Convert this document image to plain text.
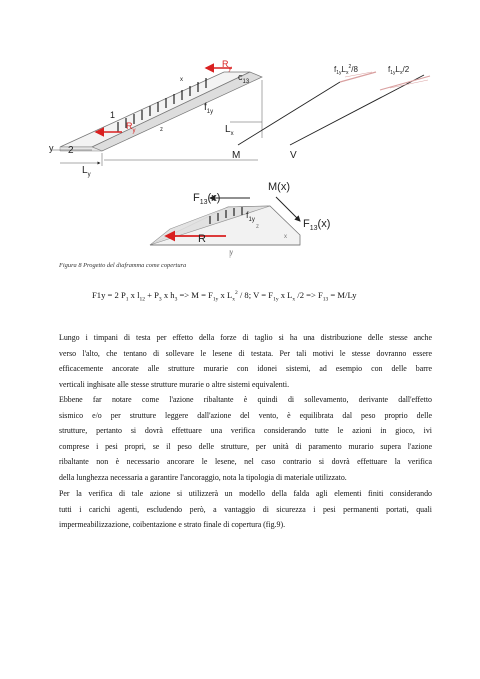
$R_y$
$c_{13}$
x
$f_{1y}$
1
$R_y$	z	$L_x$
y 2
$L_y$
$f_{1y}L_x^2/8$
M
$f_{1y}L_x/2$
V
$F_{13}(x)$
M(x)
$f_{1y}$	$F_{13}(x)$
R
y
x
z
Figura 8 Progetto del diaframma come copertura
F1y = 2 $P_1$ x $l_{12} + P_3$ x $h_3 => M = F_{1y}$ x $L_x^2 / 8$; $V = F_{1y}$ x $L_x$ $/2 => F_{13} = M/Ly$
Lungo i timpani di testa per effetto della forze di taglio si ha una distribuzione delle stesse anche
verso l'alto, che tentano di sollevare le lesene di testata. Per tali motivi le stesse dovranno essere
efficacemente ancorate alle strutture murarie con idonei sistemi, ad esempio con delle barre
verticali inghisate alle stesse strutture murarie o altre sistemi equivalenti.
Ebbene far notare come l'azione ribaltante è quindi di sollevamento, derivante dall'effetto
sismico e/o per strutture leggere dall'azione del vento, è equilibrata dal peso proprio delle
strutture, pertanto si dovrà effettuare una verifica considerando tutte le azioni in gioco, ivi
comprese i pesi propri, se il peso delle strutture, per unità di paramento murario supera l'azione
ribaltante non è necessario ancorare le lesene, nel caso contrario si dovrà effettuare la verifica
della lunghezza necessaria a garantire l'ancoraggio, nota la tipologia di materiale utilizzato.
Per la verifica di tale azione si utilizzerà un modello della falda agli elementi finiti considerando
tutti i carichi agenti, escludendo però, a vantaggio di sicurezza i pesi permanenti portati, quali
impermeabilizzazione, coibentazione e strato finale di copertura (fig.9).
